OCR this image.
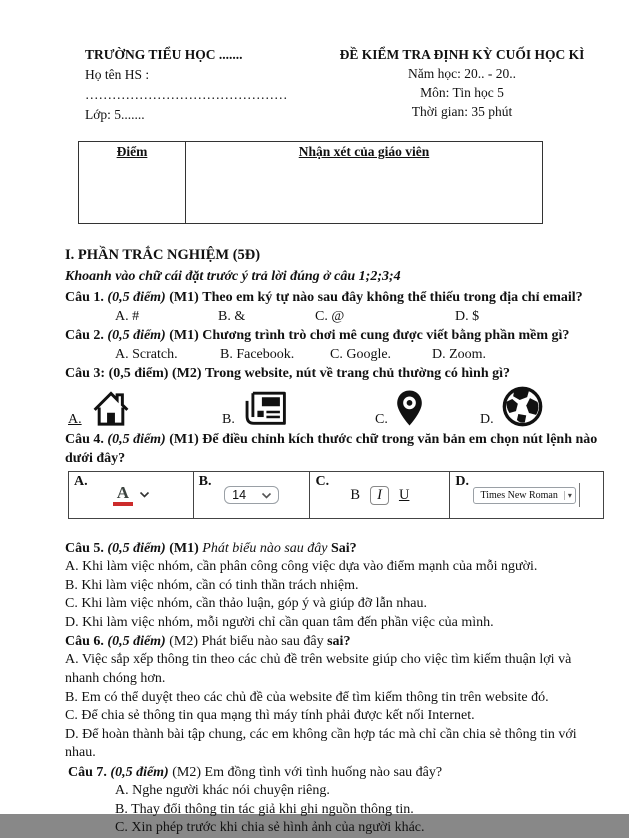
TRƯỜNG TIỂU HỌC .......
Họ tên HS : ………………………………………
Lớp: 5.......
ĐỀ KIỂM TRA ĐỊNH KỲ CUỐI HỌC KÌ
Năm học: 20.. - 20..
Môn: Tin học 5
Thời gian: 35 phút
Điểm	Nhận xét của giáo viên

I. PHẦN TRẮC NGHIỆM (5Đ)

Khoanh vào chữ cái đặt trước ý trả lời đúng ở câu 1;2;3;4

Câu 1. (0,5 điểm) (M1) Theo em ký tự nào sau đây không thể thiếu trong địa chỉ email?

A. #	B. &	C. @	D. $

Câu 2. (0,5 điểm) (M1) Chương trình trò chơi mê cung được viết bằng phần mềm gì?

A. Scratch.	B. Facebook.	C. Google.	D. Zoom.

Câu 3: (0,5 điểm) (M2) Trong website, nút về trang chủ thường có hình gì?

A.	B.	C.	D.

Câu 4. (0,5 điểm) (M1) Để điều chỉnh kích thước chữ trong văn bản em chọn nút lệnh nào dưới đây?

A.
A

B.
14

C.
B	I	U

D.
Times New Roman	▾

Câu 5. (0,5 điểm) (M1) Phát biểu nào sau đây Sai?

A. Khi làm việc nhóm, cần phân công công việc dựa vào điểm mạnh của mỗi người.

B. Khi làm việc nhóm, cần có tinh thần trách nhiệm.

C. Khi làm việc nhóm, cần thảo luận, góp ý và giúp đỡ lẫn nhau.

D. Khi làm việc nhóm, mỗi người chỉ cần quan tâm đến phần việc của mình.

Câu 6. (0,5 điểm) (M2) Phát biểu nào sau đây sai?

A. Việc sắp xếp thông tin theo các chủ đề trên website giúp cho việc tìm kiếm thuận lợi và nhanh chóng hơn.

B. Em có thể duyệt theo các chủ đề của website để tìm kiếm thông tin trên website đó.

C. Để chia sẻ thông tin qua mạng thì máy tính phải được kết nối Internet.

D. Để hoàn thành bài tập chung, các em không cần hợp tác mà chỉ cần chia sẻ thông tin với nhau.

Câu 7. (0,5 điểm) (M2) Em đồng tình với tình huống nào sau đây?

A. Nghe người khác nói chuyện riêng.

B. Thay đổi thông tin tác giả khi ghi nguồn thông tin.

C. Xin phép trước khi chia sẻ hình ảnh của người khác.
